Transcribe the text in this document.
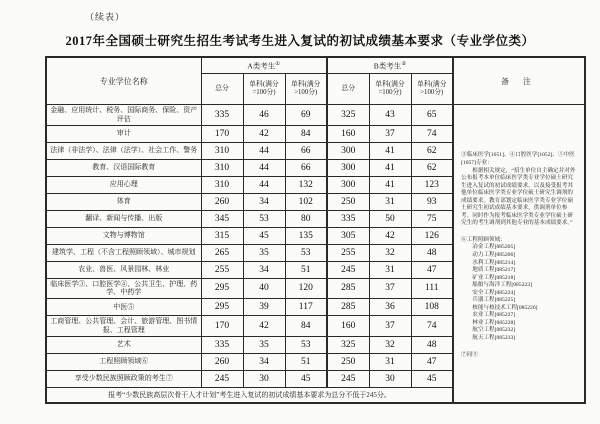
（续表）
2017年全国硕士研究生招生考试考生进入复试的初试成绩基本要求（专业学位类）
专业学位名称	A类考生①			B类考生②			备 注
	总分	单科(满分=100分)	单科(满分>100分)	总分	单科(满分=100分)	单科(满分>100分)	
金融、应用统计、税务、国际商务、保险、资产评估	335	46	69	325	43	65	
③临床医学[1051]、④口腔医学[1052]、⑤中医[1057]专业：
根据相关规定，“招生单位自主确定并对外公布报考本单位临床医学类专业学位硕士研究生进入复试的初试成绩要求，以及接受报考其他单位临床医学类专业学位硕士研究生调剂的成绩要求。教育部划定临床医学类专业学位硕士研究生初试成绩基本要求，供调剂单位参考。同时作为报考临床医学类专业学位硕士研究生的考生调剂到其他专业的基本成绩要求。”
⑥工程照顾领域：
冶金工程[085205]
动力工程[085206]
水利工程[085214]
地质工程[085217]
矿业工程[085218]
船舶与海洋工程[085223]
安全工程[085224]
兵器工程[085225]
核能与核技术工程[085226]
农业工程[085227]
林业工程[085228]
航空工程[085232]
航天工程[085233]
⑦同③

审计	170	42	84	160	37	74	
法律（非法学）、法律（法学）、社会工作、警务	310	44	66	300	41	62	
教育、汉语国际教育	310	44	66	300	41	62	
应用心理	310	44	132	300	41	123	
体育	260	34	102	250	31	93	
翻译、新闻与传播、出版	345	53	80	335	50	75	
文物与博物馆	315	45	135	305	42	126	
建筑学、工程（不含工程照顾领域）、城市规划	265	35	53	255	32	48	
农业、兽医、风景园林、林业	255	34	51	245	31	47	
临床医学③、口腔医学④、公共卫生、护理、药学、中药学	295	40	120	285	37	111	
中医⑤	295	39	117	285	36	108	
工商管理、公共管理、会计、旅游管理、图书情报、工程管理	170	42	84	160	37	74	
艺术	335	35	53	325	32	48	
工程照顾领域⑥	260	34	51	250	31	47	
享受少数民族照顾政策的考生⑦	245	30	45	245	30	45	
报考“少数民族高层次骨干人才计划”考生进入复试的初试成绩基本要求为总分不低于245分。							
